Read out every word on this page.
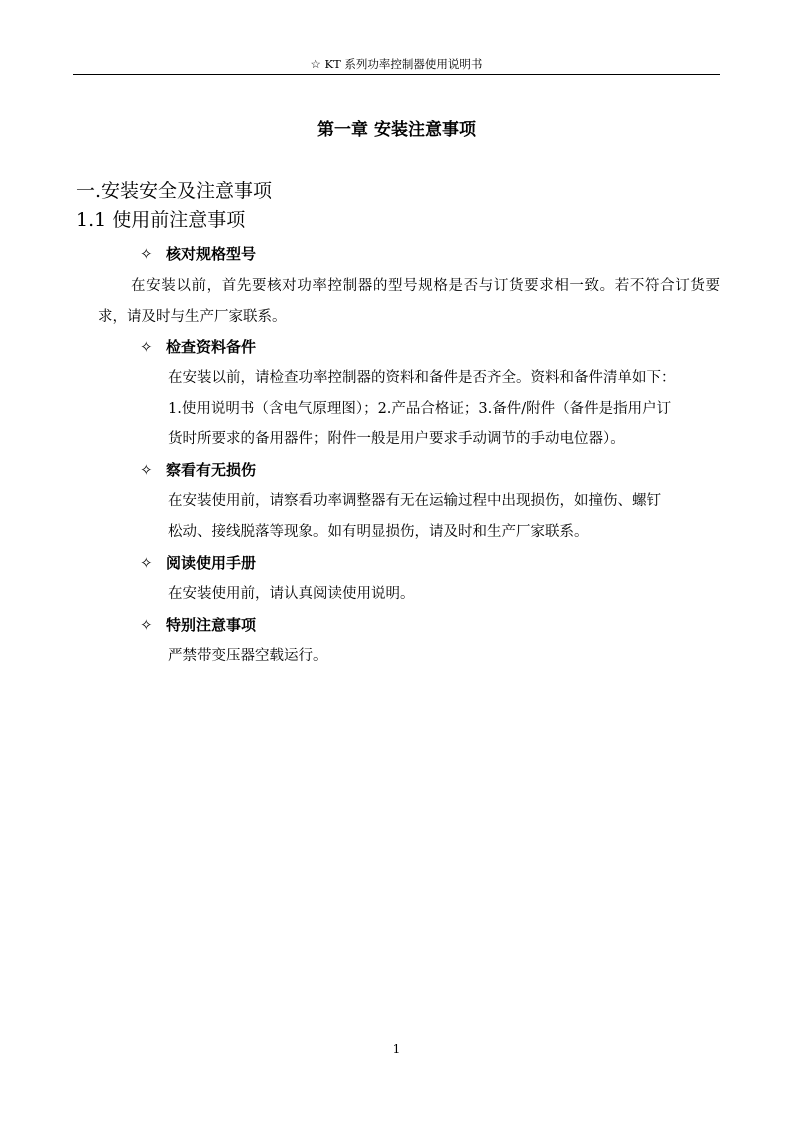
☆ KT 系列功率控制器使用说明书
第一章 安装注意事项
一.安装安全及注意事项
1.1 使用前注意事项
✧ 核对规格型号
在安装以前，首先要核对功率控制器的型号规格是否与订货要求相一致。若不符合订货要求，请及时与生产厂家联系。
✧ 检查资料备件
在安装以前，请检查功率控制器的资料和备件是否齐全。资料和备件清单如下：
1.使用说明书（含电气原理图）；2.产品合格证；3.备件/附件（备件是指用户订
货时所要求的备用器件；附件一般是用户要求手动调节的手动电位器）。
✧ 察看有无损伤
在安装使用前，请察看功率调整器有无在运输过程中出现损伤，如撞伤、螺钉
松动、接线脱落等现象。如有明显损伤，请及时和生产厂家联系。
✧ 阅读使用手册
在安装使用前，请认真阅读使用说明。
✧ 特别注意事项
严禁带变压器空载运行。
1
